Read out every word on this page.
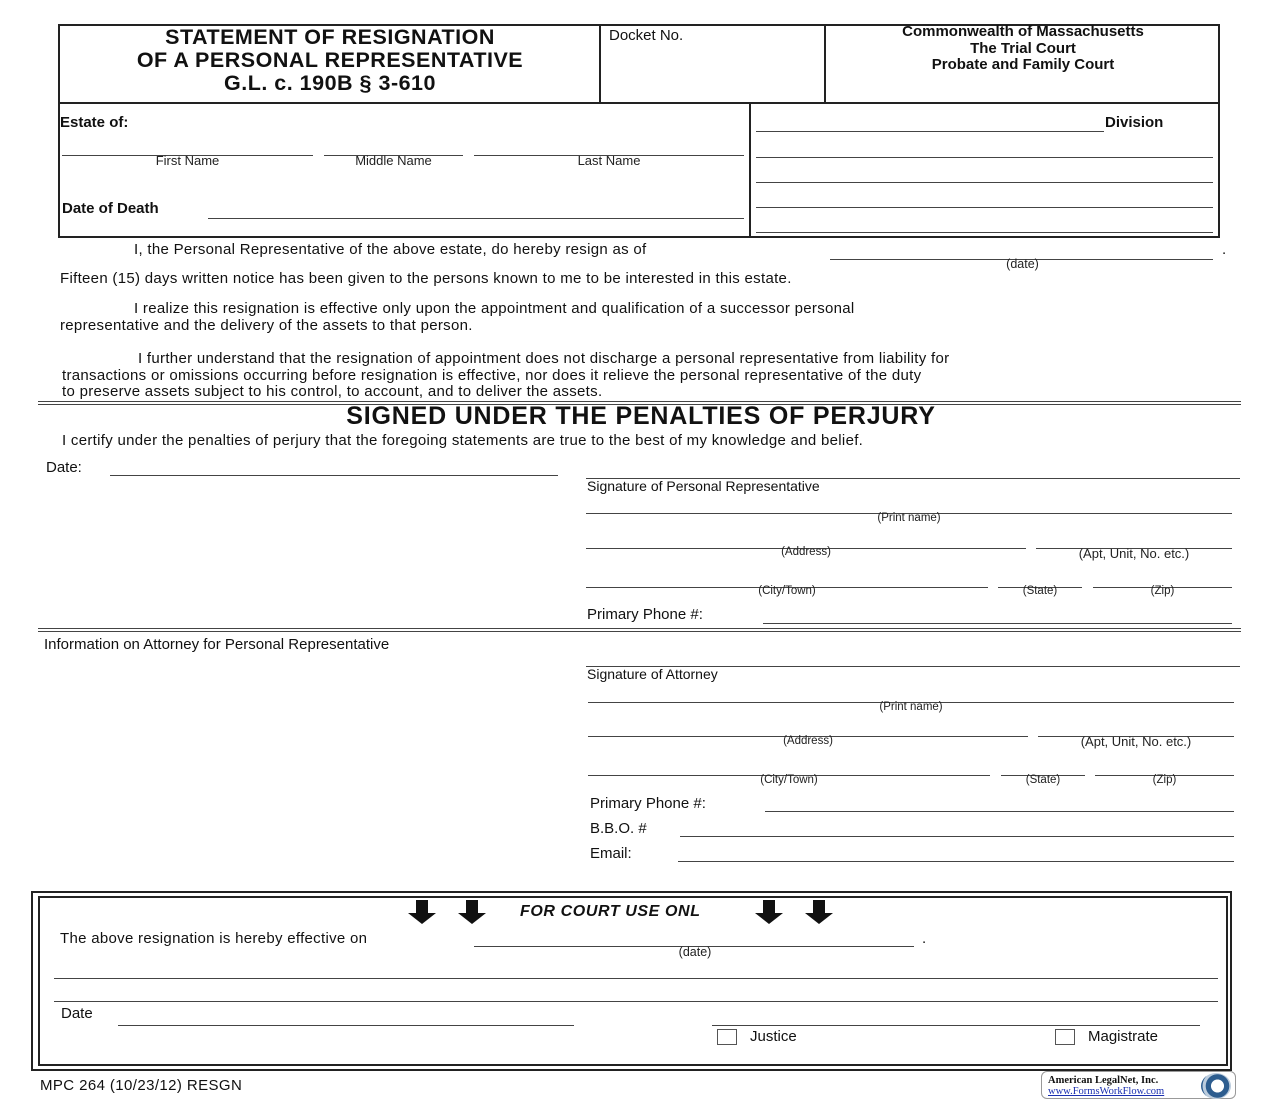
STATEMENT OF RESIGNATION
OF A PERSONAL REPRESENTATIVE
G.L. c. 190B § 3-610
Docket No.	Commonwealth of Massachusetts
The Trial Court
Probate and Family Court
Estate of:
First Name	Middle Name	Last Name
Date of Death
Division
I, the Personal Representative of the above estate, do hereby resign as of	.
(date)
Fifteen (15) days written notice has been given to the persons known to me to be interested in this estate.
I realize this resignation is effective only upon the appointment and qualification of a successor personal
representative and the delivery of the assets to that person.
I further understand that the resignation of appointment does not discharge a personal representative from liability for
transactions or omissions occurring before resignation is effective, nor does it relieve the personal representative of the duty
to preserve assets subject to his control, to account, and to deliver the assets.
SIGNED UNDER THE PENALTIES OF PERJURY
I certify under the penalties of perjury that the foregoing statements are true to the best of my knowledge and belief.
Date:
Signature of Personal Representative
(Print name)
(Address)	(Apt, Unit, No. etc.)
(City/Town)	(State)	(Zip)
Primary Phone #:
Information on Attorney for Personal Representative
Signature of Attorney
(Print name)
(Address)	(Apt, Unit, No. etc.)
(City/Town)	(State)	(Zip)
Primary Phone #:
B.B.O. #
Email:
FOR COURT USE ONL
The above resignation is hereby effective on	.
(date)
Date
Justice	Magistrate
MPC 264 (10/23/12) RESGN	American LegalNet, Inc.
www.FormsWorkFlow.com
